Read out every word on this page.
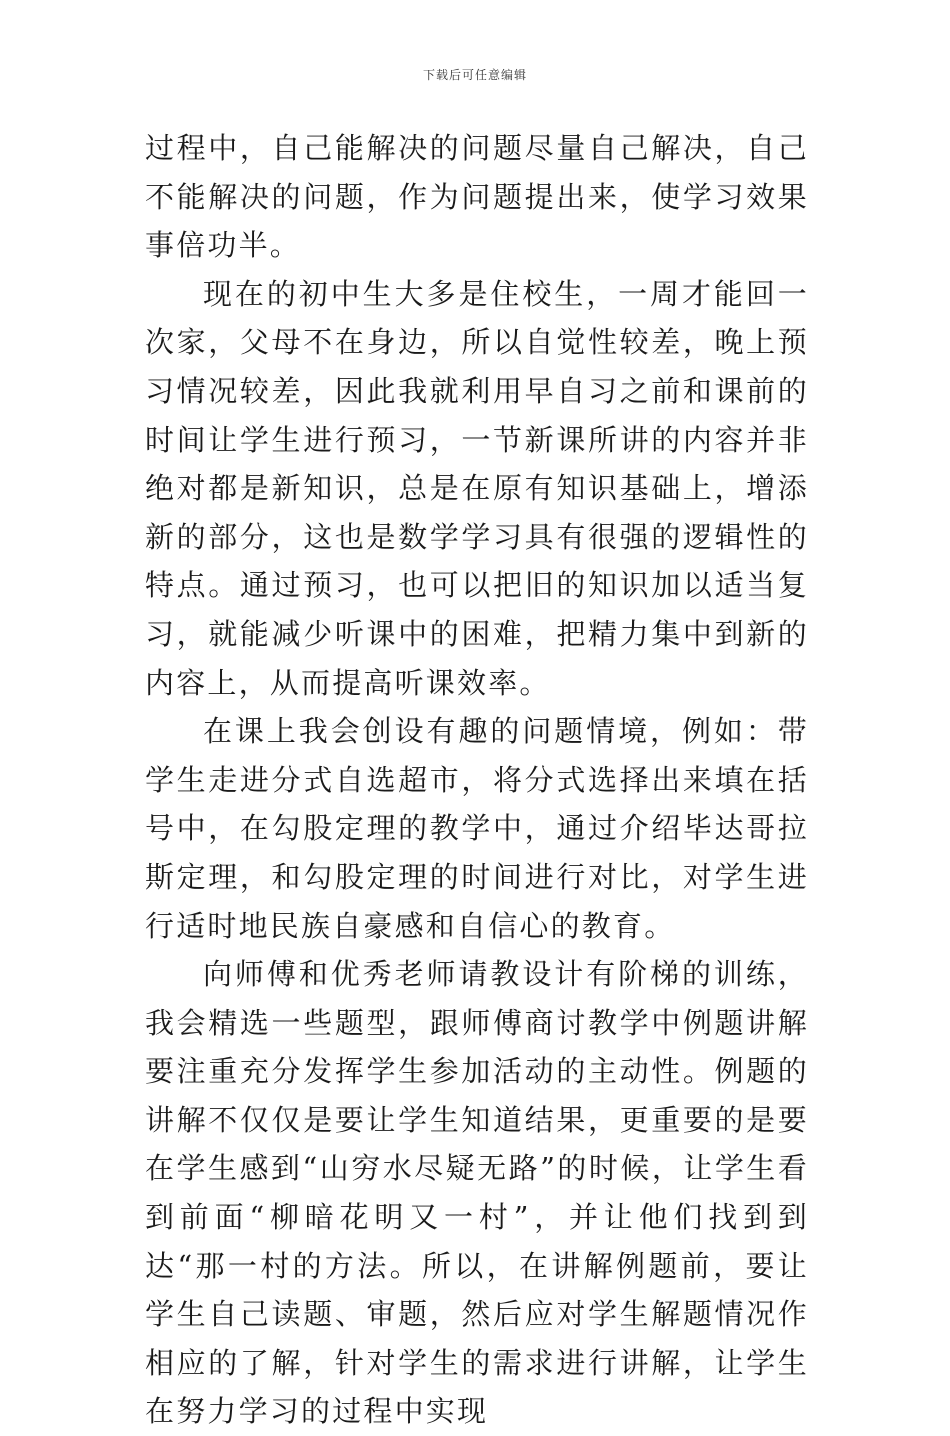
下载后可任意编辑

过程中，自己能解决的问题尽量自己解决，自己不能解决的问题，作为问题提出来，使学习效果事倍功半。

现在的初中生大多是住校生，一周才能回一次家，父母不在身边，所以自觉性较差，晚上预习情况较差，因此我就利用早自习之前和课前的时间让学生进行预习，一节新课所讲的内容并非绝对都是新知识，总是在原有知识基础上，增添新的部分，这也是数学学习具有很强的逻辑性的特点。通过预习，也可以把旧的知识加以适当复习，就能减少听课中的困难，把精力集中到新的内容上，从而提高听课效率。

在课上我会创设有趣的问题情境，例如：带学生走进分式自选超市，将分式选择出来填在括号中，在勾股定理的教学中，通过介绍毕达哥拉斯定理，和勾股定理的时间进行对比，对学生进行适时地民族自豪感和自信心的教育。

向师傅和优秀老师请教设计有阶梯的训练，我会精选一些题型，跟师傅商讨教学中例题讲解要注重充分发挥学生参加活动的主动性。例题的讲解不仅仅是要让学生知道结果，更重要的是要在学生感到“山穷水尽疑无路”的时候，让学生看到前面“柳暗花明又一村”，并让他们找到到达“那一村的方法。所以，在讲解例题前，要让学生自己读题、审题，然后应对学生解题情况作相应的了解，针对学生的需求进行讲解，让学生在努力学习的过程中实现
